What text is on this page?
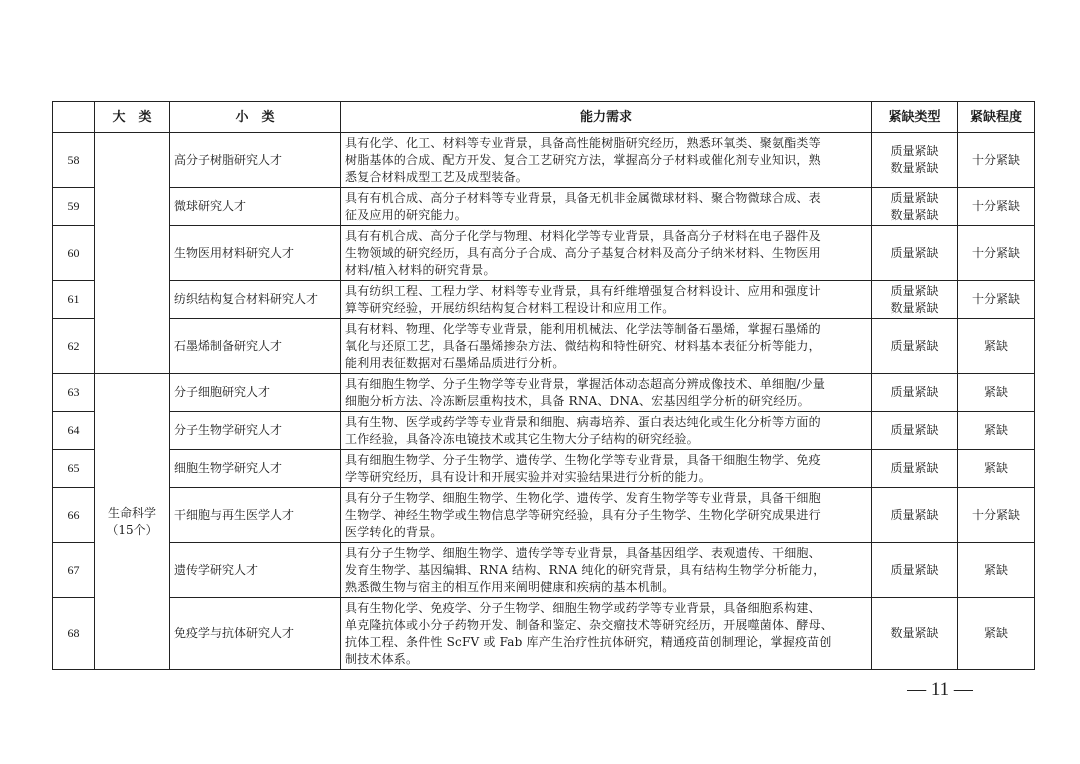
	大　类	小　类	能力需求	紧缺类型	紧缺程度
58		高分子树脂研究人才	具有化学、化工、材料等专业背景，具备高性能树脂研究经历，熟悉环氧类、聚氨酯类等
树脂基体的合成、配方开发、复合工艺研究方法，掌握高分子材料或催化剂专业知识，熟
悉复合材料成型工艺及成型装备。	质量紧缺
数量紧缺	十分紧缺
59		微球研究人才	具有有机合成、高分子材料等专业背景，具备无机非金属微球材料、聚合物微球合成、表
征及应用的研究能力。	质量紧缺
数量紧缺	十分紧缺
60		生物医用材料研究人才	具有有机合成、高分子化学与物理、材料化学等专业背景，具备高分子材料在电子器件及
生物领域的研究经历，具有高分子合成、高分子基复合材料及高分子纳米材料、生物医用
材料/植入材料的研究背景。	质量紧缺	十分紧缺
61		纺织结构复合材料研究人才	具有纺织工程、工程力学、材料等专业背景，具有纤维增强复合材料设计、应用和强度计
算等研究经验，开展纺织结构复合材料工程设计和应用工作。	质量紧缺
数量紧缺	十分紧缺
62		石墨烯制备研究人才	具有材料、物理、化学等专业背景，能利用机械法、化学法等制备石墨烯，掌握石墨烯的
氧化与还原工艺，具备石墨烯掺杂方法、微结构和特性研究、材料基本表征分析等能力，
能利用表征数据对石墨烯品质进行分析。	质量紧缺	紧缺
63	生命科学
（15个）	分子细胞研究人才	具有细胞生物学、分子生物学等专业背景，掌握活体动态超高分辨成像技术、单细胞/少量
细胞分析方法、冷冻断层重构技术，具备 RNA、DNA、宏基因组学分析的研究经历。	质量紧缺	紧缺
64		分子生物学研究人才	具有生物、医学或药学等专业背景和细胞、病毒培养、蛋白表达纯化或生化分析等方面的
工作经验，具备冷冻电镜技术或其它生物大分子结构的研究经验。	质量紧缺	紧缺
65		细胞生物学研究人才	具有细胞生物学、分子生物学、遗传学、生物化学等专业背景，具备干细胞生物学、免疫
学等研究经历，具有设计和开展实验并对实验结果进行分析的能力。	质量紧缺	紧缺
66		干细胞与再生医学人才	具有分子生物学、细胞生物学、生物化学、遗传学、发育生物学等专业背景，具备干细胞
生物学、神经生物学或生物信息学等研究经验，具有分子生物学、生物化学研究成果进行
医学转化的背景。	质量紧缺	十分紧缺
67		遗传学研究人才	具有分子生物学、细胞生物学、遗传学等专业背景，具备基因组学、表观遗传、干细胞、
发育生物学、基因编辑、RNA 结构、RNA 纯化的研究背景，具有结构生物学分析能力，
熟悉微生物与宿主的相互作用来阐明健康和疾病的基本机制。	质量紧缺	紧缺
68		免疫学与抗体研究人才	具有生物化学、免疫学、分子生物学、细胞生物学或药学等专业背景，具备细胞系构建、
单克隆抗体或小分子药物开发、制备和鉴定、杂交瘤技术等研究经历，开展噬菌体、酵母、
抗体工程、条件性 ScFV 或 Fab 库产生治疗性抗体研究，精通疫苗创制理论，掌握疫苗创
制技术体系。	数量紧缺	紧缺
— 11 —
